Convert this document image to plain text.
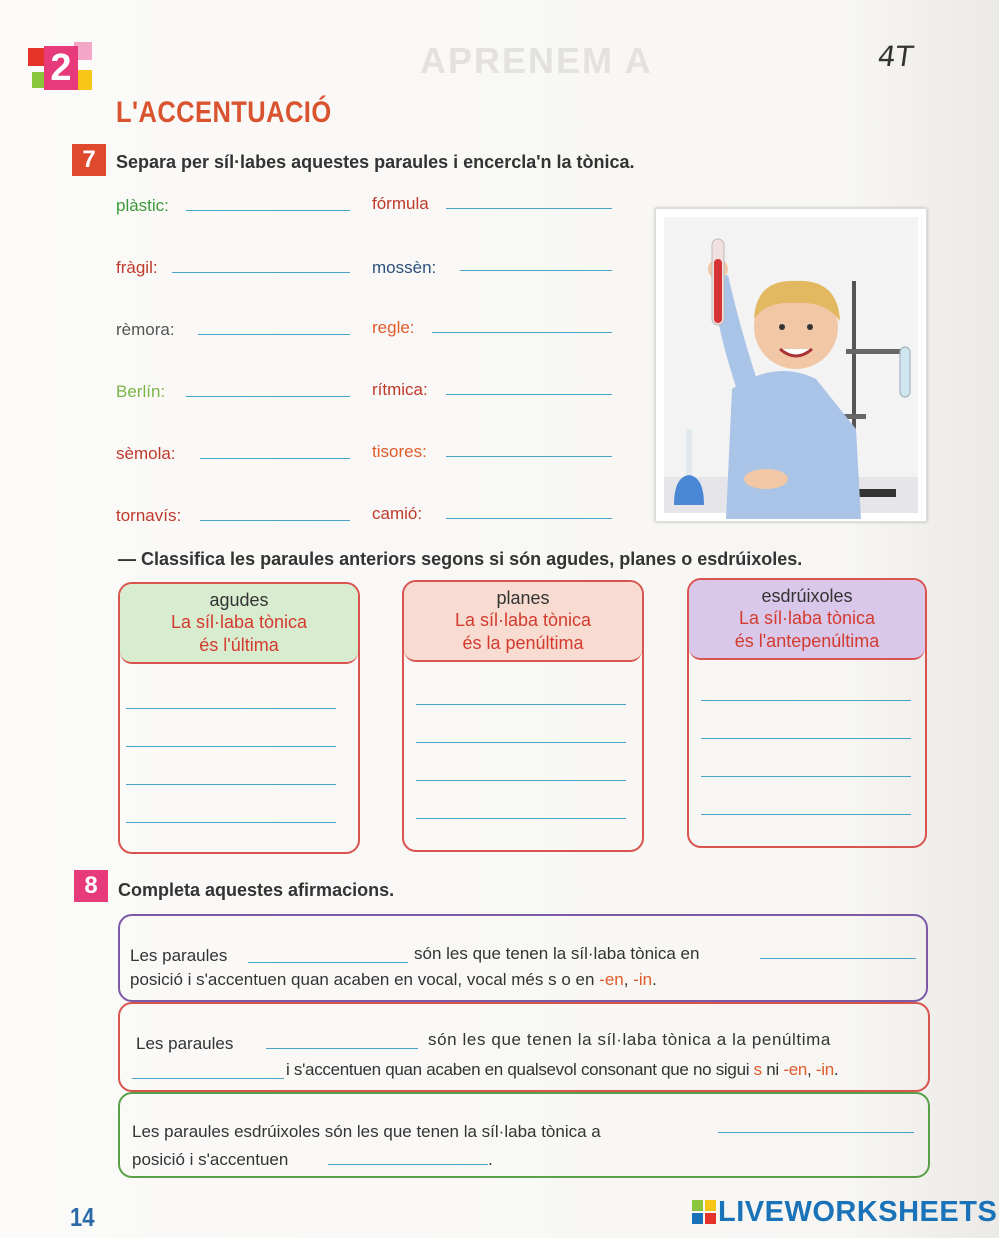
2	APRENEM A	4T
L'ACCENTUACIÓ
7	Separa per síl·labes aquestes paraules i encercla'n la tònica.
plàstic:
fràgil:
rèmora:
Berlín:
sèmola:
tornavís:
fórmula
mossèn:
regle:
rítmica:
tisores:
camió:
— Classifica les paraules anteriors segons si són agudes, planes o esdrúixoles.
agudes
La síl·laba tònica
és l'última
planes
La síl·laba tònica
és la penúltima
esdrúixoles
La síl·laba tònica
és l'antepenúltima
8	Completa aquestes afirmacions.
Les paraules	són les que tenen la síl·laba tònica en
posició i s'accentuen quan acaben en vocal, vocal més s o en -en, -in.
Les paraules	són les que tenen la síl·laba tònica a la penúltima
i s'accentuen quan acaben en qualsevol consonant que no sigui s ni -en, -in.
Les paraules esdrúixoles són les que tenen la síl·laba tònica a
posició i s'accentuen	.
14	LIVEWORKSHEETS
